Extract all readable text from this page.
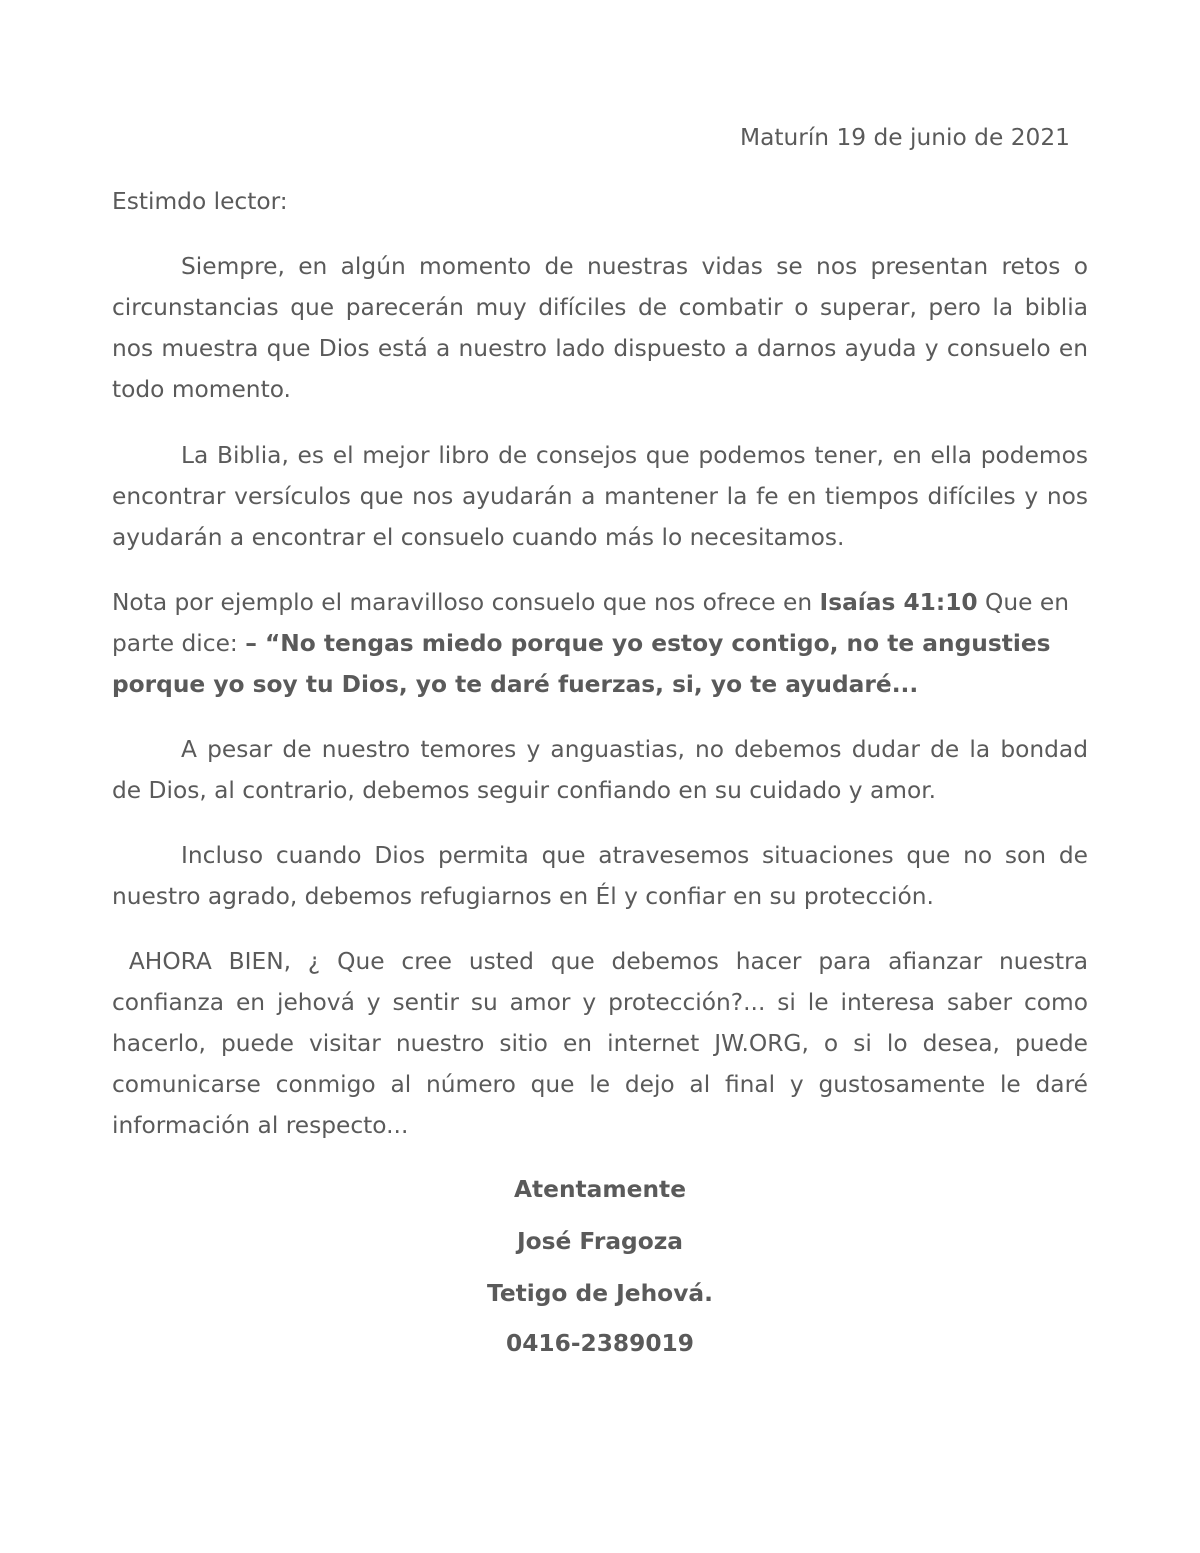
Maturín 19 de junio de 2021
Estimdo lector:

Siempre, en algún momento de nuestras vidas se nos presentan retos o circunstancias que parecerán muy difíciles de combatir o superar, pero la biblia nos muestra que Dios está a nuestro lado dispuesto a darnos ayuda y consuelo en todo momento.

La Biblia, es el mejor libro de consejos que podemos tener, en ella podemos encontrar versículos que nos ayudarán a mantener la fe en tiempos difíciles y nos ayudarán a encontrar el consuelo cuando más lo necesitamos.

Nota por ejemplo el maravilloso consuelo que nos ofrece en Isaías 41:10 Que en parte dice: – “No tengas miedo porque yo estoy contigo, no te angusties porque yo soy tu Dios, yo te daré fuerzas, si, yo te ayudaré...

A pesar de nuestro temores y anguastias, no debemos dudar de la bondad de Dios, al contrario, debemos seguir confiando en su cuidado y amor.

Incluso cuando Dios permita que atravesemos situaciones que no son de nuestro agrado, debemos refugiarnos en Él y confiar en su protección.

AHORA BIEN, ¿ Que cree usted que debemos hacer para afianzar nuestra confianza en jehová y sentir su amor y protección?... si le interesa saber como hacerlo, puede visitar nuestro sitio en internet JW.ORG, o si lo desea, puede comunicarse conmigo al número que le dejo al final y gustosamente le daré información al respecto...

Atentamente
José Fragoza
Tetigo de Jehová.
0416-2389019
